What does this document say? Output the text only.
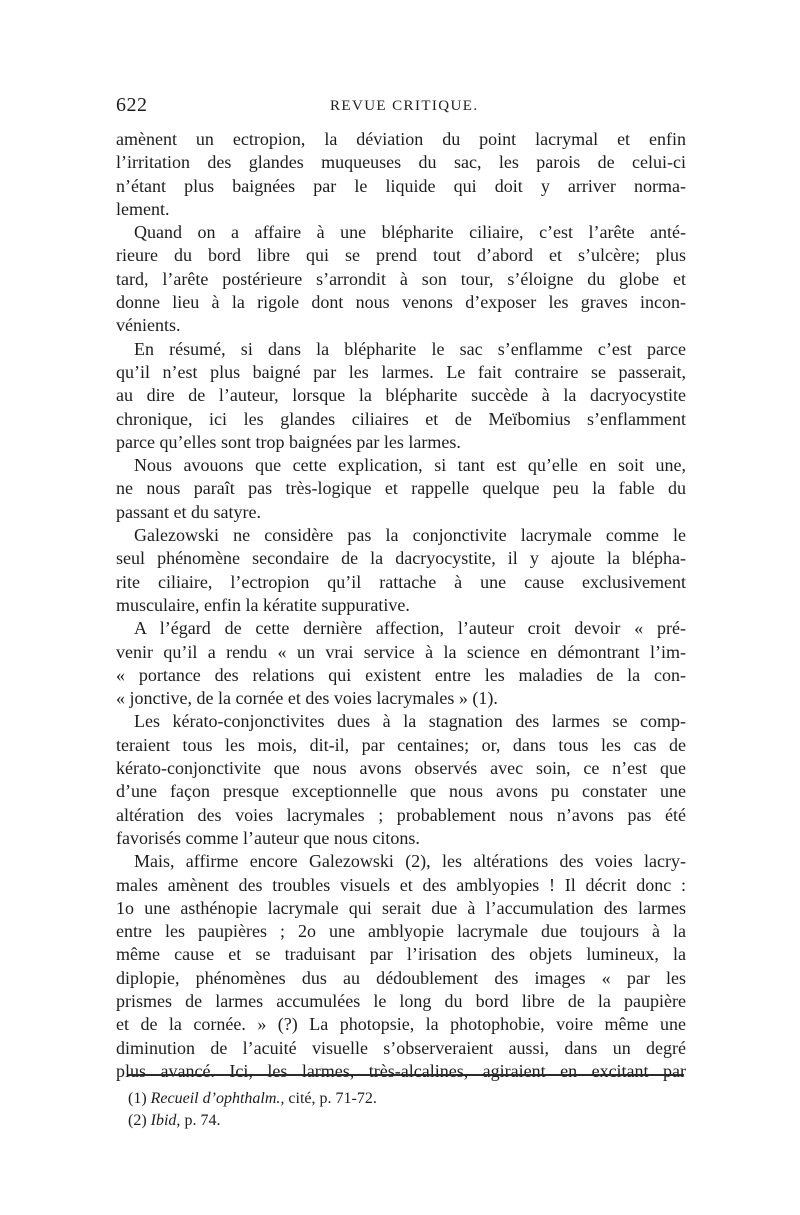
622	REVUE CRITIQUE.
amènent un ectropion, la déviation du point lacrymal et enfin
l’irritation des glandes muqueuses du sac, les parois de celui-ci
n’étant plus baignées par le liquide qui doit y arriver norma-
lement.
Quand on a affaire à une blépharite ciliaire, c’est l’arête anté-
rieure du bord libre qui se prend tout d’abord et s’ulcère; plus
tard, l’arête postérieure s’arrondit à son tour, s’éloigne du globe et
donne lieu à la rigole dont nous venons d’exposer les graves incon-
vénients.
En résumé, si dans la blépharite le sac s’enflamme c’est parce
qu’il n’est plus baigné par les larmes. Le fait contraire se passerait,
au dire de l’auteur, lorsque la blépharite succède à la dacryocystite
chronique, ici les glandes ciliaires et de Meïbomius s’enflamment
parce qu’elles sont trop baignées par les larmes.
Nous avouons que cette explication, si tant est qu’elle en soit une,
ne nous paraît pas très-logique et rappelle quelque peu la fable du
passant et du satyre.
Galezowski ne considère pas la conjonctivite lacrymale comme le
seul phénomène secondaire de la dacryocystite, il y ajoute la blépha-
rite ciliaire, l’ectropion qu’il rattache à une cause exclusivement
musculaire, enfin la kératite suppurative.
A l’égard de cette dernière affection, l’auteur croit devoir « pré-
venir qu’il a rendu « un vrai service à la science en démontrant l’im-
« portance des relations qui existent entre les maladies de la con-
« jonctive, de la cornée et des voies lacrymales » (1).
Les kérato-conjonctivites dues à la stagnation des larmes se comp-
teraient tous les mois, dit-il, par centaines; or, dans tous les cas de
kérato-conjonctivite que nous avons observés avec soin, ce n’est que
d’une façon presque exceptionnelle que nous avons pu constater une
altération des voies lacrymales ; probablement nous n’avons pas été
favorisés comme l’auteur que nous citons.
Mais, affirme encore Galezowski (2), les altérations des voies lacry-
males amènent des troubles visuels et des amblyopies ! Il décrit donc :
1o une asthénopie lacrymale qui serait due à l’accumulation des larmes
entre les paupières ; 2o une amblyopie lacrymale due toujours à la
même cause et se traduisant par l’irisation des objets lumineux, la
diplopie, phénomènes dus au dédoublement des images « par les
prismes de larmes accumulées le long du bord libre de la paupière
et de la cornée. » (?) La photopsie, la photophobie, voire même une
diminution de l’acuité visuelle s’observeraient aussi, dans un degré
plus avancé. Ici, les larmes, très-alcalines, agiraient en excitant par
(1) Recueil d’ophthalm., cité, p. 71-72.
(2) Ibid, p. 74.
